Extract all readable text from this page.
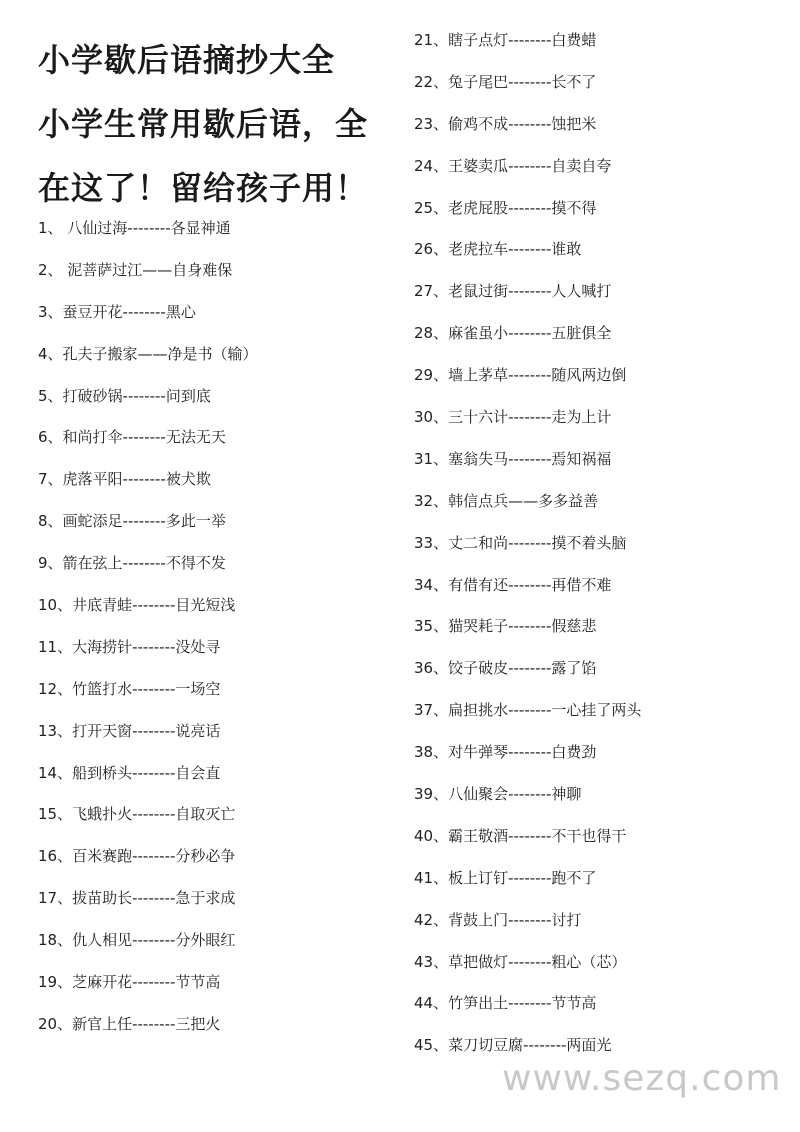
小学歇后语摘抄大全
小学生常用歇后语，全
在这了！留给孩子用！
1、 八仙过海--------各显神通
2、 泥菩萨过江——自身难保
3、蚕豆开花--------黑心
4、孔夫子搬家——净是书（输）
5、打破砂锅--------问到底
6、和尚打伞--------无法无天
7、虎落平阳--------被犬欺
8、画蛇添足--------多此一举
9、箭在弦上--------不得不发
10、井底青蛙--------目光短浅
11、大海捞针--------没处寻
12、竹篮打水--------一场空
13、打开天窗--------说亮话
14、船到桥头--------自会直
15、飞蛾扑火--------自取灭亡
16、百米赛跑--------分秒必争
17、拔苗助长--------急于求成
18、仇人相见--------分外眼红
19、芝麻开花--------节节高
20、新官上任--------三把火
21、瞎子点灯--------白费蜡
22、兔子尾巴--------长不了
23、偷鸡不成--------蚀把米
24、王婆卖瓜--------自卖自夸
25、老虎屁股--------摸不得
26、老虎拉车--------谁敢
27、老鼠过街--------人人喊打
28、麻雀虽小--------五脏俱全
29、墙上茅草--------随风两边倒
30、三十六计--------走为上计
31、塞翁失马--------焉知祸福
32、韩信点兵——多多益善
33、丈二和尚--------摸不着头脑
34、有借有还--------再借不难
35、猫哭耗子--------假慈悲
36、饺子破皮--------露了馅
37、扁担挑水--------一心挂了两头
38、对牛弹琴--------白费劲
39、八仙聚会--------神聊
40、霸王敬酒--------不干也得干
41、板上订钉--------跑不了
42、背鼓上门--------讨打
43、草把做灯--------粗心（芯）
44、竹笋出土--------节节高
45、菜刀切豆腐--------两面光
www.sezq.com
